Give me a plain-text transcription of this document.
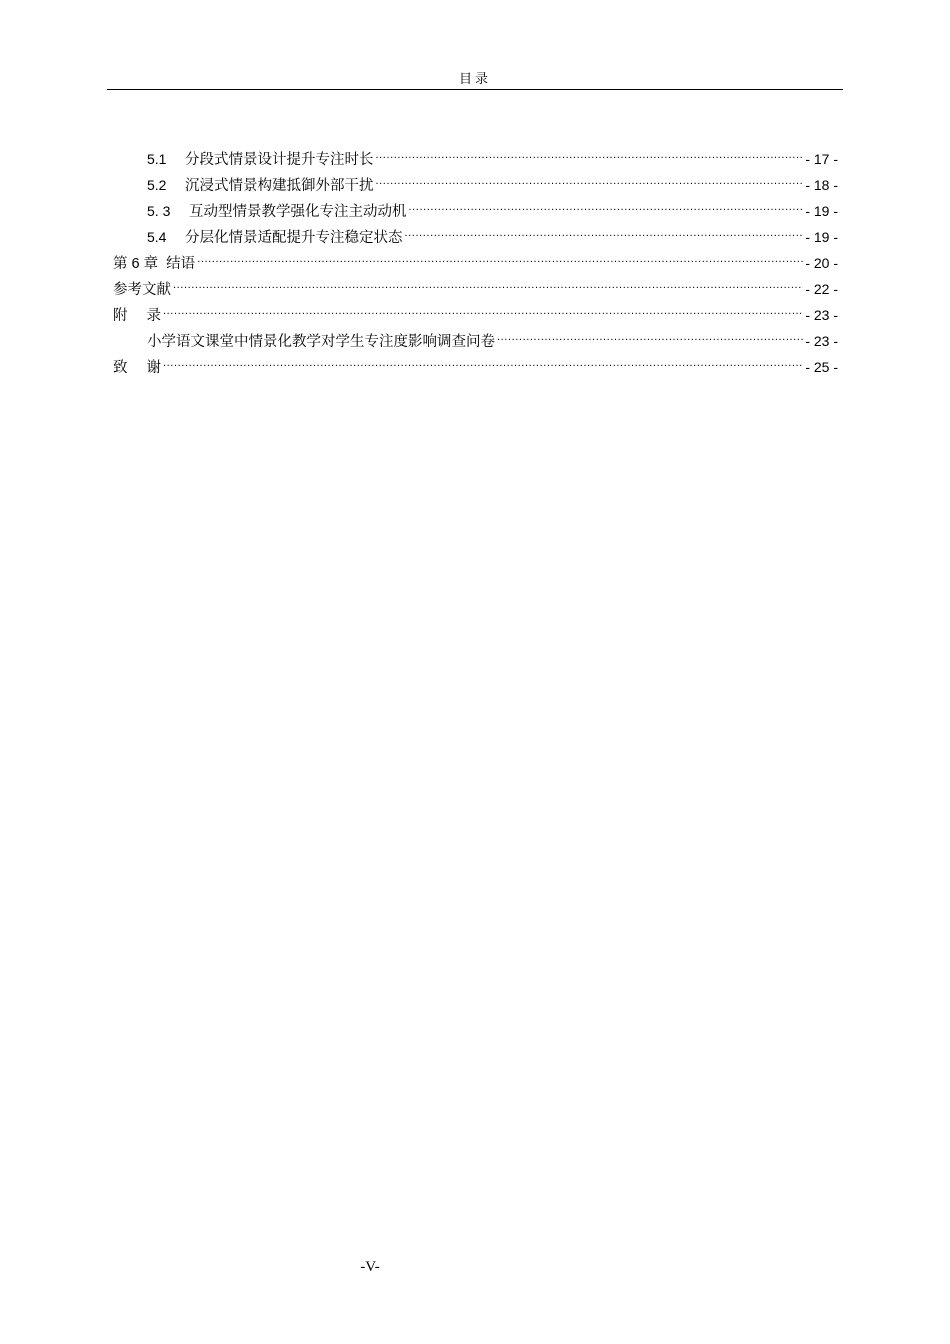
目录
5.1	分段式情景设计提升专注时长 .....	- 17 -
5.2	沉浸式情景构建抵御外部干扰 .....	- 18 -
5. 3	互动型情景教学强化专注主动动机 .....	- 19 -
5.4	分层化情景适配提升专注稳定状态 .....	- 19 -
第 6 章  结语 .....	- 20 -
参考文献 .....	- 22 -
附录 .....	- 23 -
小学语文课堂中情景化教学对学生专注度影响调查问卷 .....	- 23 -
致谢 .....	- 25 -
-V-
